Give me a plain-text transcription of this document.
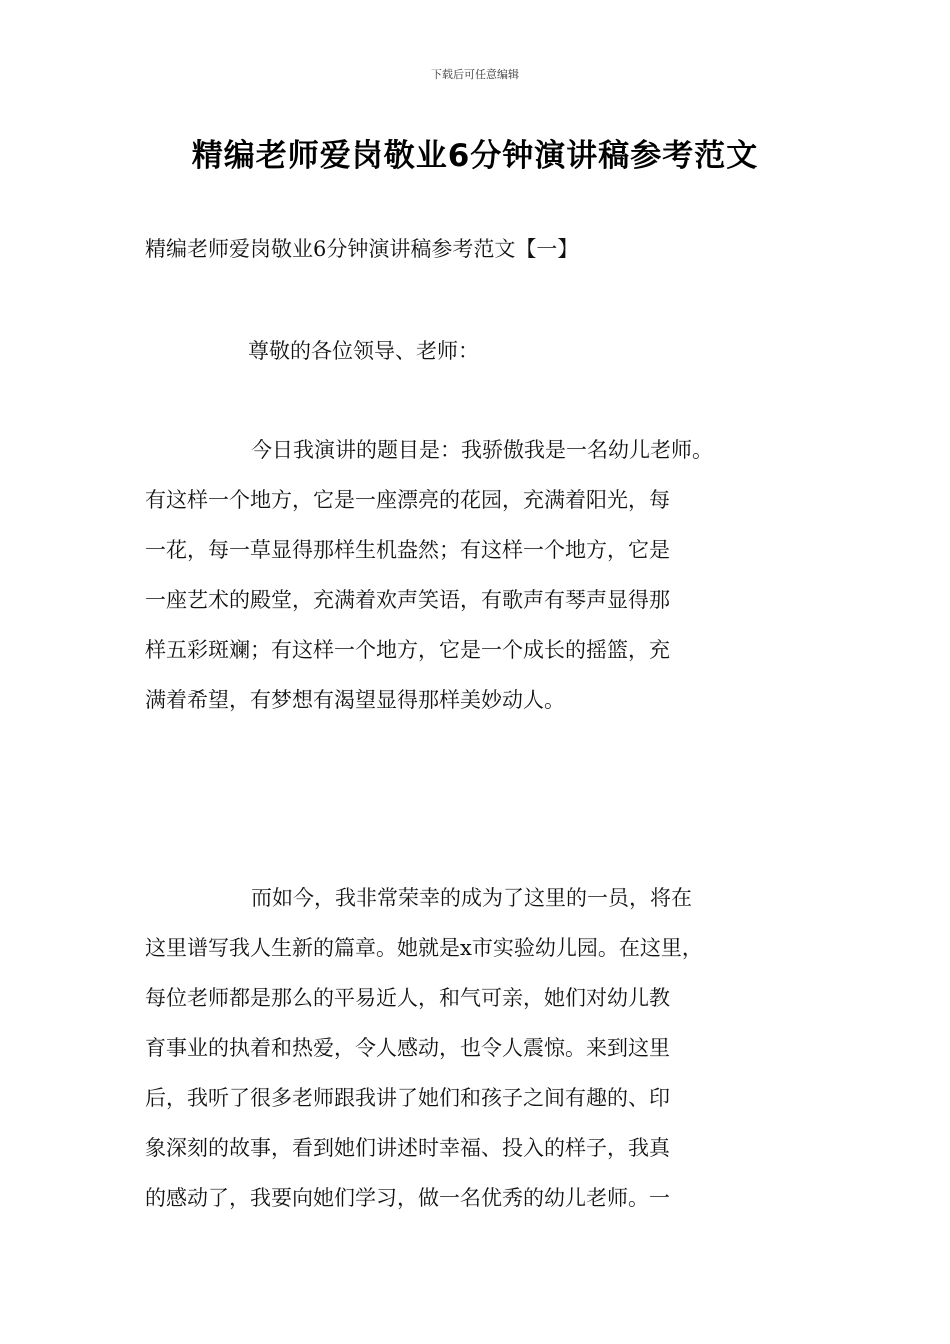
下载后可任意编辑
精编老师爱岗敬业6分钟演讲稿参考范文
精编老师爱岗敬业6分钟演讲稿参考范文【一】
尊敬的各位领导、老师：
今日我演讲的题目是：我骄傲我是一名幼儿老师。
有这样一个地方，它是一座漂亮的花园，充满着阳光，每
一花，每一草显得那样生机盎然；有这样一个地方，它是
一座艺术的殿堂，充满着欢声笑语，有歌声有琴声显得那
样五彩斑斓；有这样一个地方，它是一个成长的摇篮，充
满着希望，有梦想有渴望显得那样美妙动人。
而如今，我非常荣幸的成为了这里的一员，将在
这里谱写我人生新的篇章。她就是x市实验幼儿园。在这里，
每位老师都是那么的平易近人，和气可亲，她们对幼儿教
育事业的执着和热爱，令人感动，也令人震惊。来到这里
后，我听了很多老师跟我讲了她们和孩子之间有趣的、印
象深刻的故事，看到她们讲述时幸福、投入的样子，我真
的感动了，我要向她们学习，做一名优秀的幼儿老师。一
